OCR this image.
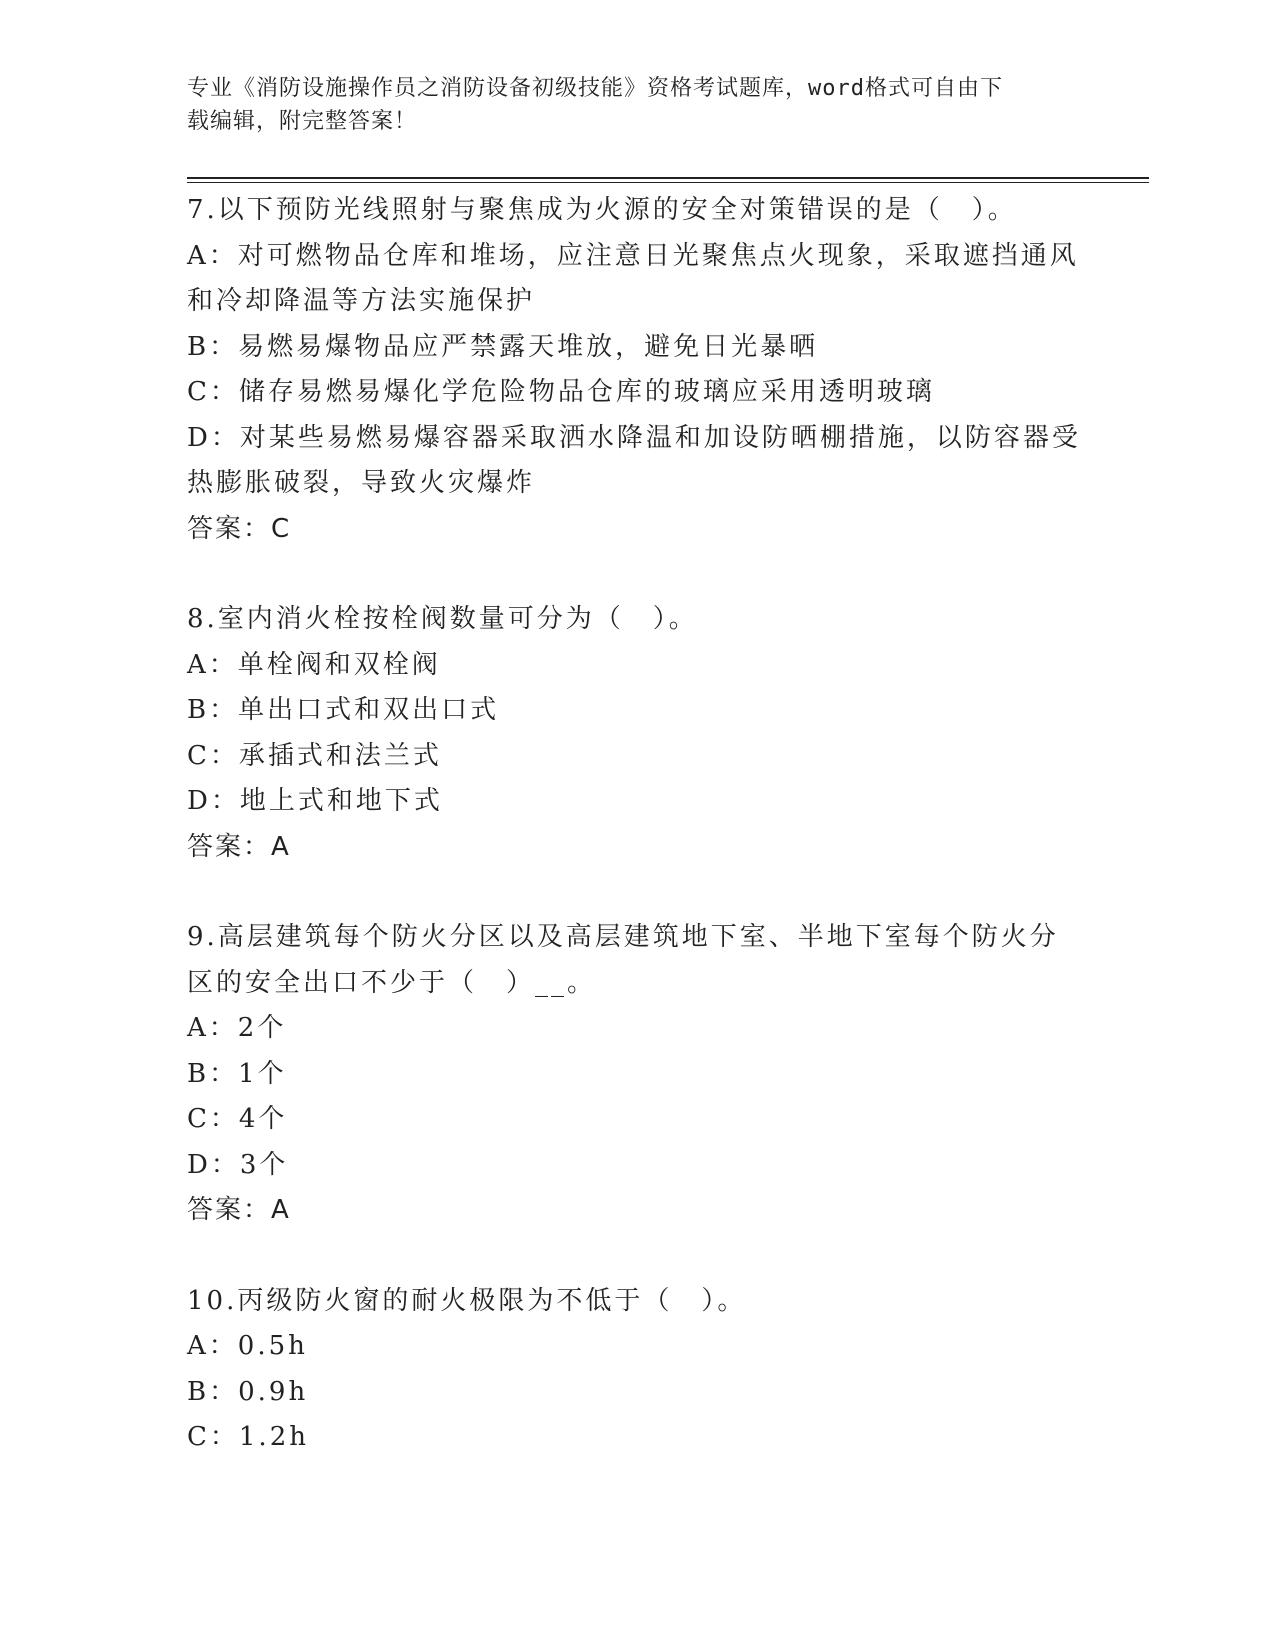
专业《消防设施操作员之消防设备初级技能》资格考试题库，word格式可自由下
载编辑，附完整答案！
7.以下预防光线照射与聚焦成为火源的安全对策错误的是（　）。
A：对可燃物品仓库和堆场，应注意日光聚焦点火现象，采取遮挡通风
和冷却降温等方法实施保护
B：易燃易爆物品应严禁露天堆放，避免日光暴晒
C：储存易燃易爆化学危险物品仓库的玻璃应采用透明玻璃
D：对某些易燃易爆容器采取洒水降温和加设防晒棚措施，以防容器受
热膨胀破裂，导致火灾爆炸
答案：C
8.室内消火栓按栓阀数量可分为（　）。
A：单栓阀和双栓阀
B：单出口式和双出口式
C：承插式和法兰式
D：地上式和地下式
答案：A
9.高层建筑每个防火分区以及高层建筑地下室、半地下室每个防火分
区的安全出口不少于（　）__。
A：2个
B：1个
C：4个
D：3个
答案：A
10.丙级防火窗的耐火极限为不低于（　）。
A：0.5h
B：0.9h
C：1.2h
